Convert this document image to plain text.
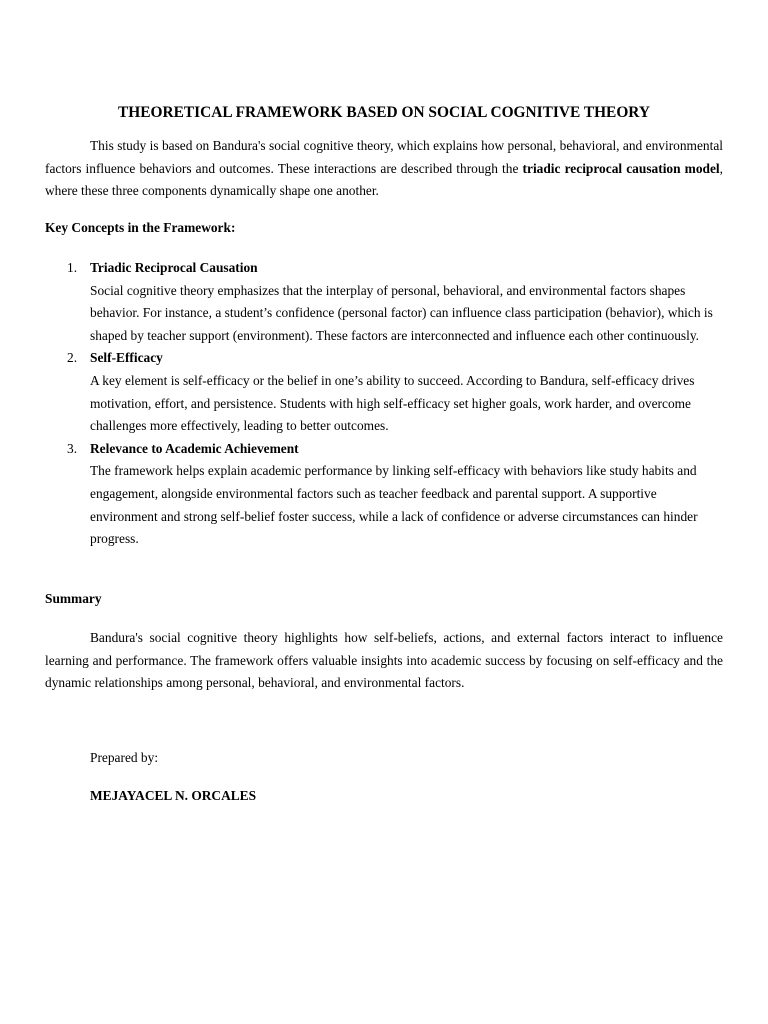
THEORETICAL FRAMEWORK BASED ON SOCIAL COGNITIVE THEORY

This study is based on Bandura's social cognitive theory, which explains how personal, behavioral, and environmental factors influence behaviors and outcomes. These interactions are described through the triadic reciprocal causation model, where these three components dynamically shape one another.

Key Concepts in the Framework:

1. Triadic Reciprocal Causation
Social cognitive theory emphasizes that the interplay of personal, behavioral, and environmental factors shapes behavior. For instance, a student’s confidence (personal factor) can influence class participation (behavior), which is shaped by teacher support (environment). These factors are interconnected and influence each other continuously.
2. Self-Efficacy
A key element is self-efficacy or the belief in one’s ability to succeed. According to Bandura, self-efficacy drives motivation, effort, and persistence. Students with high self-efficacy set higher goals, work harder, and overcome challenges more effectively, leading to better outcomes.
3. Relevance to Academic Achievement
The framework helps explain academic performance by linking self-efficacy with behaviors like study habits and engagement, alongside environmental factors such as teacher feedback and parental support. A supportive environment and strong self-belief foster success, while a lack of confidence or adverse circumstances can hinder progress.

Summary

Bandura's social cognitive theory highlights how self-beliefs, actions, and external factors interact to influence learning and performance. The framework offers valuable insights into academic success by focusing on self-efficacy and the dynamic relationships among personal, behavioral, and environmental factors.

Prepared by:

MEJAYACEL N. ORCALES
